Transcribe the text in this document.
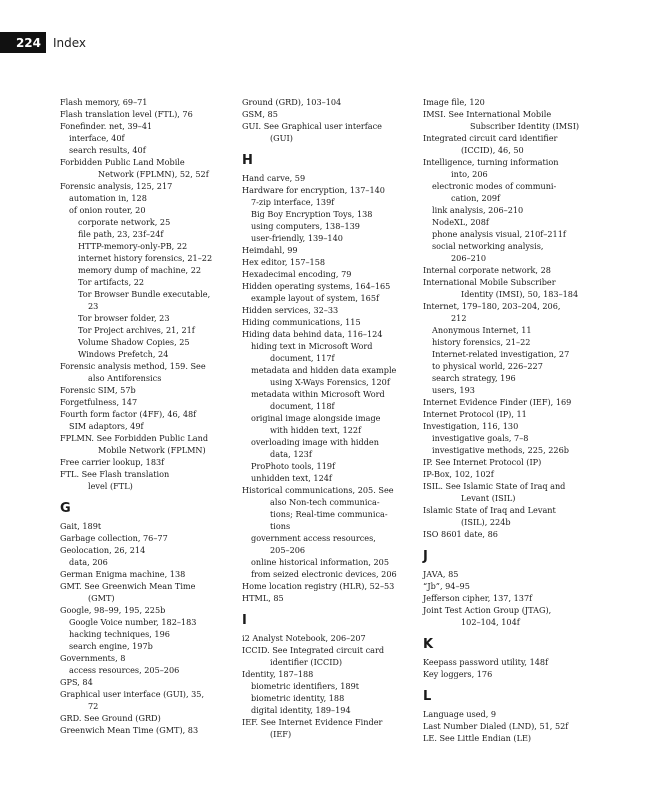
224	Index
Flash memory, 69–71
Flash translation level (FTL), 76
Fonefinder. net, 39–41
interface, 40f
search results, 40f
Forbidden Public Land Mobile
Network (FPLMN), 52, 52f
Forensic analysis, 125, 217
automation in, 128
of onion router, 20
corporate network, 25
file path, 23, 23f–24f
HTTP-memory-only-PB, 22
internet history forensics, 21–22
memory dump of machine, 22
Tor artifacts, 22
Tor Browser Bundle executable,
23
Tor browser folder, 23
Tor Project archives, 21, 21f
Volume Shadow Copies, 25
Windows Prefetch, 24
Forensic analysis method, 159. See
also Antiforensics
Forensic SIM, 57b
Forgetfulness, 147
Fourth form factor (4FF), 46, 48f
SIM adaptors, 49f
FPLMN. See Forbidden Public Land
Mobile Network (FPLMN)
Free carrier lookup, 183f
FTL. See Flash translation
level (FTL)
G
Gait, 189t
Garbage collection, 76–77
Geolocation, 26, 214
data, 206
German Enigma machine, 138
GMT. See Greenwich Mean Time
(GMT)
Google, 98–99, 195, 225b
Google Voice number, 182–183
hacking techniques, 196
search engine, 197b
Governments, 8
access resources, 205–206
GPS, 84
Graphical user interface (GUI), 35,
72
GRD. See Ground (GRD)
Greenwich Mean Time (GMT), 83
Ground (GRD), 103–104
GSM, 85
GUI. See Graphical user interface
(GUI)
H
Hand carve, 59
Hardware for encryption, 137–140
7-zip interface, 139f
Big Boy Encryption Toys, 138
using computers, 138–139
user-friendly, 139–140
Heimdahl, 99
Hex editor, 157–158
Hexadecimal encoding, 79
Hidden operating systems, 164–165
example layout of system, 165f
Hidden services, 32–33
Hiding communications, 115
Hiding data behind data, 116–124
hiding text in Microsoft Word
document, 117f
metadata and hidden data example
using X-Ways Forensics, 120f
metadata within Microsoft Word
document, 118f
original image alongside image
with hidden text, 122f
overloading image with hidden
data, 123f
ProPhoto tools, 119f
unhidden text, 124f
Historical communications, 205. See
also Non-tech communica-
tions; Real-time communica-
tions
government access resources,
205–206
online historical information, 205
from seized electronic devices, 206
Home location registry (HLR), 52–53
HTML, 85
I
i2 Analyst Notebook, 206–207
ICCID. See Integrated circuit card
identifier (ICCID)
Identity, 187–188
biometric identifiers, 189t
biometric identity, 188
digital identity, 189–194
IEF. See Internet Evidence Finder
(IEF)
Image file, 120
IMSI. See International Mobile
Subscriber Identity (IMSI)
Integrated circuit card identifier
(ICCID), 46, 50
Intelligence, turning information
into, 206
electronic modes of communi-
cation, 209f
link analysis, 206–210
NodeXL, 208f
phone analysis visual, 210f–211f
social networking analysis,
206–210
Internal corporate network, 28
International Mobile Subscriber
Identity (IMSI), 50, 183–184
Internet, 179–180, 203–204, 206,
212
Anonymous Internet, 11
history forensics, 21–22
Internet-related investigation, 27
to physical world, 226–227
search strategy, 196
users, 193
Internet Evidence Finder (IEF), 169
Internet Protocol (IP), 11
Investigation, 116, 130
investigative goals, 7–8
investigative methods, 225, 226b
IP. See Internet Protocol (IP)
IP-Box, 102, 102f
ISIL. See Islamic State of Iraq and
Levant (ISIL)
Islamic State of Iraq and Levant
(ISIL), 224b
ISO 8601 date, 86
J
JAVA, 85
“Jb”, 94–95
Jefferson cipher, 137, 137f
Joint Test Action Group (JTAG),
102–104, 104f
K
Keepass password utility, 148f
Key loggers, 176
L
Language used, 9
Last Number Dialed (LND), 51, 52f
LE. See Little Endian (LE)
